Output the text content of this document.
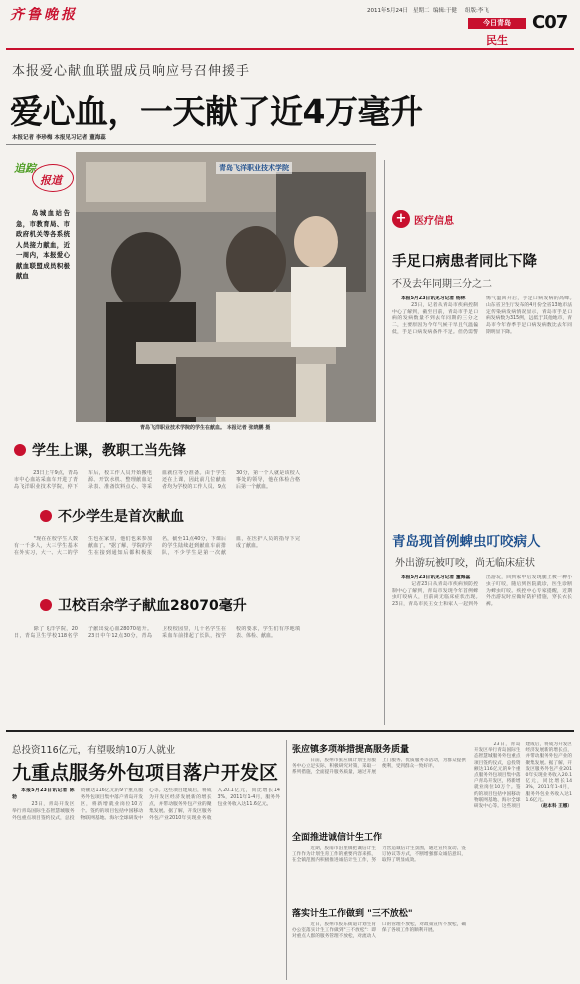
齐鲁晚报	2011年5月24日 星期二 编辑:于健 组版:李飞
今日青岛
民生
C07
本报爱心献血联盟成员响应号召伸援手
爱心血，一天献了近4万毫升
本报记者 李珍梅 本报见习记者 董海蕊
追踪
报道
　　岛城血站告急，市教育局、市政府机关等各系统人员接力献血，近一周内，本报爱心献血联盟成员积极献血
青岛飞洋职业技术学院
青岛飞洋职业技术学院的学生在献血。 本报记者 张晓鹏 摄
学生上课，教职工当先锋

　　23日上午9点，青岛市中心血站采血车开进了青岛飞洋职业技术学院，停下车后，校工作人员开始搬电源、开饮水机、整理献血记录表、准备饮料点心、等采血就位等分准备。由于学生还在上课，因此前几位献血者均为学校的工作人员、9点30分，第一个人就是该校人事处的领导，他在体检合格后第一个献血。

不少学生是首次献血

　　"现在在校学生人数有一千多人，大三学生基本在外实习，大一、大二的学生也在家里，他们也来参加献血了。"据了解，学院的学生在接到通知后都积极报名，截至11点40分，下课后的学生陆续赶到献血车前排队，不少学生是第一次献血，在医护人员的指导下完成了献血。

卫校百余学子献血28070毫升

　　除了飞洋学院，20日，青岛卫生学校118名学子献出爱心血28070毫升。23日中午12点30分，青岛卫校校园里，几十名学生在采血车前排起了长队，按学校的要求，学生们有序地填表、体检、献血。

+ 医疗信息
手足口病患者同比下降
不及去年同期三分之二

本报5月23日讯见习记者 杨林

　　23日，记者从青岛市疾病控制中心了解到，截至目前，青岛市手足口病的发病数量不到去年同期的三分之二，主要原因为今年气候干旱且气温偏低，手足口病发病条件不足。但仍需警惕气温回升后，手足口病发病的高峰。　　山东省卫生厅发布的4月份全省13地市法定传染病发病情况显示，青岛市手足口病发病数为315例，远低于其他地市，青岛市今年春季手足口病发病数比去年同期明显下降。

青岛现首例蜱虫叮咬病人
外出游玩被叮咬，尚无临床症状

本报5月23日讯见习记者 董海蕊

　　记者23日从青岛市疾病预防控制中心了解到，青岛市发现今年首例蜱虫叮咬病人，目前尚无临床症状出现。　　23日，青岛市民王女士和家人一起到外出游玩，回到家中后发现腿上被一种小虫子叮咬，随后到医院就诊，医生诊断为蜱虫叮咬。疾控中心专家提醒，近期外出游玩时应做好防护措施，穿长衣长裤。

总投资116亿元，有望吸纳10万人就业
九重点服务外包项目落户开发区

本报5月23日讯记者 陈勃

　　23日，青岛开发区举行青岛国际生态智慧城服务外包重点项目签约仪式，总投资额达116亿元的9个重点服务外包项目集中落户青岛开发区，将新增就业岗位10万个。签约的项目包括中国移动物联网基地、海尔全球研发中心等。这些项目建成后，将成为开发区经济发展新的增长点，并带动服务外包产业的聚集发展。据了解，开发区服务外包产业2010年实现业务收入20.1亿元，同比增长143%，2011年1-4月，服务外包业务收入达11.6亿元。

张应镇多项举措提高服务质量

　　日前，胶州市张应镇计划生育服务中心立足实际，积极研究对策，采取一系列措施，全面提升服务质量，通过开展上门服务、优质服务等活动，为群众提供便利，受到群众一致好评。

全面推进诚信计生工作

　　近期，胶南市泊里镇把诚信计生工作作为计划生育工作的重要内容来抓，在全镇范围内积极推进诚信计生工作，努力营造诚信计生氛围，通过宣传发动、签订协议等方式，不断增强群众诚信意识，取得了明显成效。

落实计生工作做到 "三不放松"

　　近日，胶州市胶东街道计划生育办公室落实计生工作做到"三不放松"：即对重点人群的服务管理不放松，对流动人口的管理不放松，对政策宣传不放松，确保了各项工作的顺利开展。

　　23日，青岛开发区举行青岛国际生态智慧城服务外包重点项目签约仪式，总投资额达116亿元的9个重点服务外包项目集中落户青岛开发区，将新增就业岗位10万个。签约的项目包括中国移动物联网基地、海尔全球研发中心等。这些项目建成后，将成为开发区经济发展新的增长点，并带动服务外包产业的聚集发展。据了解，开发区服务外包产业2010年实现业务收入20.1亿元，同比增长143%，2011年1-4月，服务外包业务收入达11.6亿元。

（赵本科 王娜）
